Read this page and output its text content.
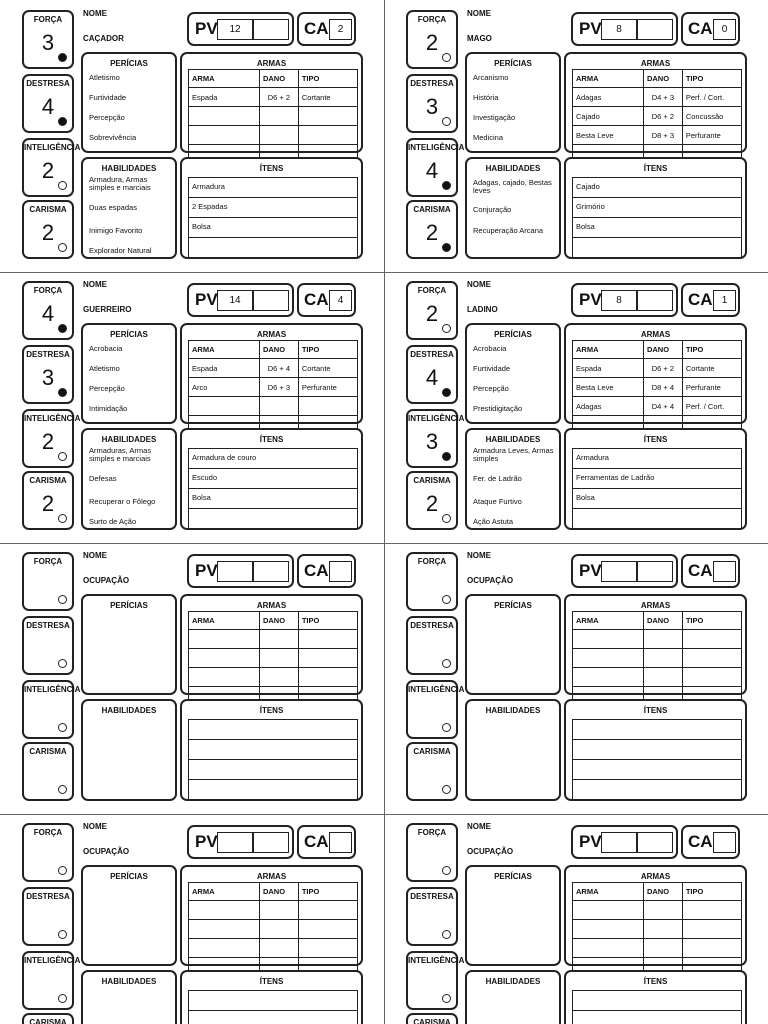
FORÇA
3
DESTRESA
4
INTELIGÊNCIA
2
CARISMA
2
NOME
CAÇADOR
PV	12	CA 2
PERÍCIAS
Atletismo
Furtividade
Percepção
Sobrevivência
HABILIDADES
Armadura, Armas simples e marciais
Duas espadas
Inimigo Favorito
Explorador Natural
ARMAS
ARMA	DANO	TIPO
Espada	D6 + 2	Cortante

ÍTENS
Armadura
2 Espadas
Bolsa
FORÇA
2
DESTRESA
3
INTELIGÊNCIA
4
CARISMA
2
NOME
MAGO
PV	8	CA 0
PERÍCIAS
Arcanismo
História
Investigação
Medicina
HABILIDADES
Adagas, cajado, Bestas leves
Conjuração
Recuperação Arcana
ARMAS
ARMA	DANO	TIPO
Adagas	D4 + 3	Perf. / Cort.
Cajado	D6 + 2	Concussão
Besta Leve	D8 + 3	Perfurante

ÍTENS
Cajado
Grimório
Bolsa
FORÇA
4
DESTRESA
3
INTELIGÊNCIA
2
CARISMA
2
NOME
GUERREIRO
PV	14	CA 4
PERÍCIAS
Acrobacia
Atletismo
Percepção
Intimidação
HABILIDADES
Armaduras, Armas simples e marciais
Defesas
Recuperar o Fôlego
Surto de Ação
ARMAS
ARMA	DANO	TIPO
Espada	D6 + 4	Cortante
Arco	D6 + 3	Perfurante

ÍTENS
Armadura de couro
Escudo
Bolsa
FORÇA
2
DESTRESA
4
INTELIGÊNCIA
3
CARISMA
2
NOME
LADINO
PV	8	CA 1
PERÍCIAS
Acrobacia
Furtividade
Percepção
Prestidigitação
HABILIDADES
Armadura Leves, Armas simples
Fer. de Ladrão
Ataque Furtivo
Ação Astuta
ARMAS
ARMA	DANO	TIPO
Espada	D6 + 2	Cortante
Besta Leve	D8 + 4	Perfurante
Adagas	D4 + 4	Perf. / Cort.

ÍTENS
Armadura
Ferramentas de Ladrão
Bolsa
FORÇA
DESTRESA
INTELIGÊNCIA
CARISMA
NOME
OCUPAÇÃO
PV	CA
PERÍCIAS
HABILIDADES
ARMAS
ARMA	DANO	TIPO

ÍTENS
FORÇA
DESTRESA
INTELIGÊNCIA
CARISMA
NOME
OCUPAÇÃO
PV	CA
PERÍCIAS
HABILIDADES
ARMAS
ARMA	DANO	TIPO

ÍTENS
FORÇA
DESTRESA
INTELIGÊNCIA
CARISMA
NOME
OCUPAÇÃO
PV	CA
PERÍCIAS
HABILIDADES
ARMAS
ARMA	DANO	TIPO

ÍTENS
FORÇA
DESTRESA
INTELIGÊNCIA
CARISMA
NOME
OCUPAÇÃO
PV	CA
PERÍCIAS
HABILIDADES
ARMAS
ARMA	DANO	TIPO

ÍTENS
